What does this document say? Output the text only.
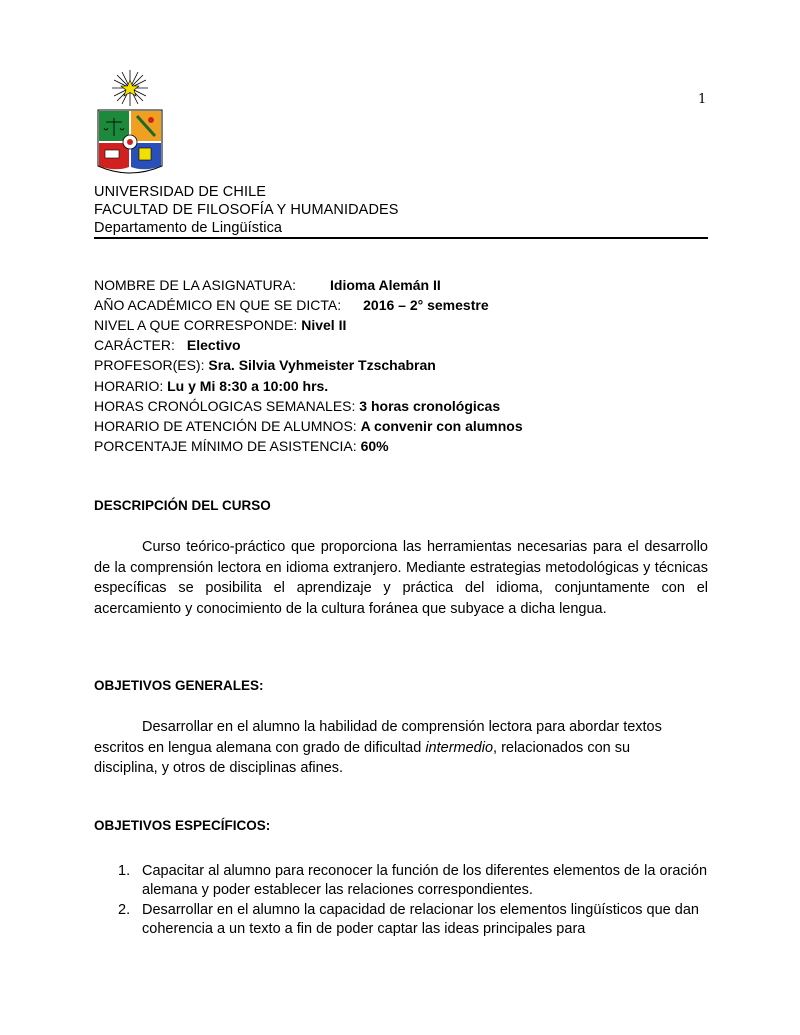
1
UNIVERSIDAD DE CHILE
FACULTAD DE FILOSOFÍA Y HUMANIDADES
Departamento de Lingüística
NOMBRE DE LA ASIGNATURA: Idioma Alemán II
AÑO ACADÉMICO EN QUE SE DICTA: 2016 – 2° semestre
NIVEL A QUE CORRESPONDE: Nivel II
CARÁCTER: Electivo
PROFESOR(ES): Sra. Silvia Vyhmeister Tzschabran
HORARIO: Lu y Mi 8:30 a 10:00 hrs.
HORAS CRONÓLOGICAS SEMANALES: 3 horas cronológicas
HORARIO DE ATENCIÓN DE ALUMNOS: A convenir con alumnos
PORCENTAJE MÍNIMO DE ASISTENCIA: 60%
DESCRIPCIÓN DEL CURSO
Curso teórico-práctico que proporciona las herramientas necesarias para el desarrollo de la comprensión lectora en idioma extranjero. Mediante estrategias metodológicas y técnicas específicas se posibilita el aprendizaje y práctica del idioma, conjuntamente con el acercamiento y conocimiento de la cultura foránea que subyace a dicha lengua.
OBJETIVOS GENERALES:
Desarrollar en el alumno la habilidad de comprensión lectora para abordar textos escritos en lengua alemana con grado de dificultad intermedio, relacionados con su disciplina, y otros de disciplinas afines.
OBJETIVOS ESPECÍFICOS:
1. Capacitar al alumno para reconocer la función de los diferentes elementos de la oración alemana y poder establecer las relaciones correspondientes.
2. Desarrollar en el alumno la capacidad de relacionar los elementos lingüísticos que dan coherencia a un texto a fin de poder captar las ideas principales para
